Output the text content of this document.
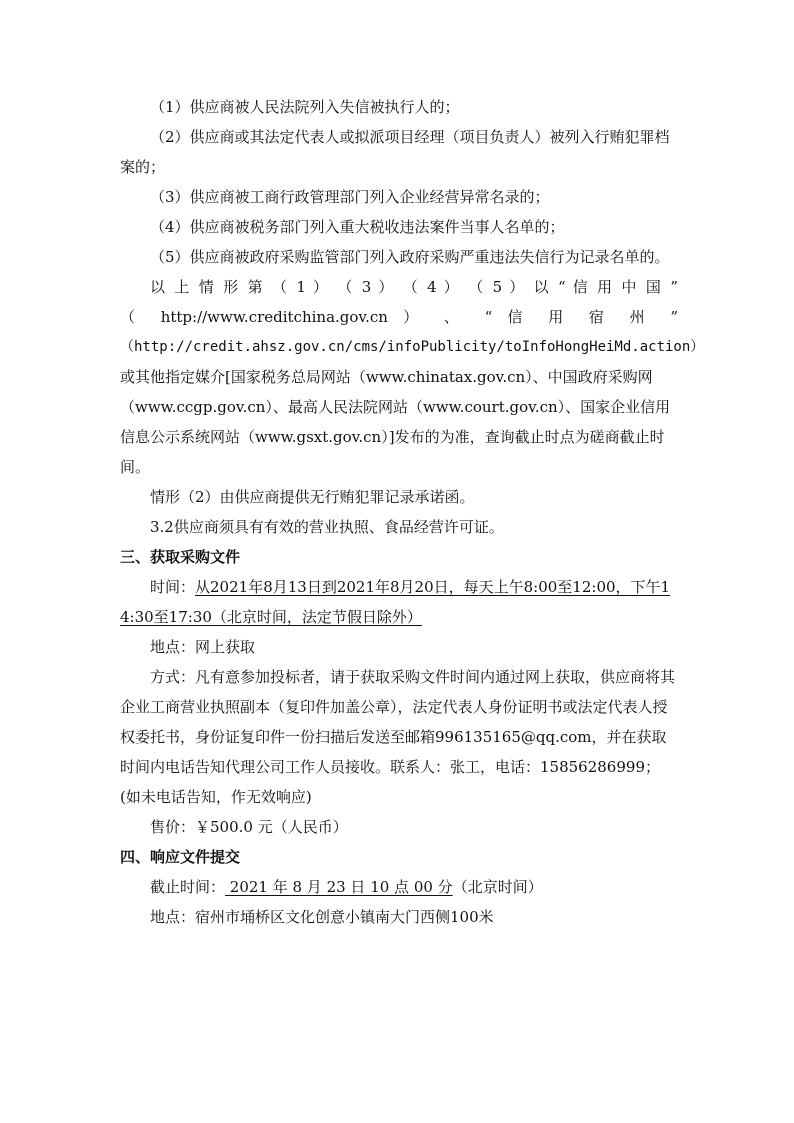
（1）供应商被人民法院列入失信被执行人的；

（2）供应商或其法定代表人或拟派项目经理（项目负责人）被列入行贿犯罪档案的；

（3）供应商被工商行政管理部门列入企业经营异常名录的；

（4）供应商被税务部门列入重大税收违法案件当事人名单的；

（5）供应商被政府采购监管部门列入政府采购严重违法失信行为记录名单的。

以 上 情 形 第 （ 1 ） （ 3 ） （ 4 ） （ 5 ） 以 “ 信 用 中 国 ”

（ http://www.creditchina.gov.cn ） 、 “ 信 用 宿 州 ”

（http://credit.ahsz.gov.cn/cms/infoPublicity/toInfoHongHeiMd.action）

或其他指定媒介[国家税务总局网站（www.chinatax.gov.cn）、中国政府采购网（www.ccgp.gov.cn）、最高人民法院网站（www.court.gov.cn）、国家企业信用信息公示系统网站（www.gsxt.gov.cn）]发布的为准，查询截止时点为磋商截止时间。

情形（2）由供应商提供无行贿犯罪记录承诺函。

3.2供应商须具有有效的营业执照、食品经营许可证。

三、获取采购文件

时间：从2021年8月13日到2021年8月20日，每天上午8:00至12:00，下午14:30至17:30（北京时间，法定节假日除外）

地点：网上获取

方式：凡有意参加投标者，请于获取采购文件时间内通过网上获取，供应商将其企业工商营业执照副本（复印件加盖公章），法定代表人身份证明书或法定代表人授权委托书，身份证复印件一份扫描后发送至邮箱996135165@qq.com，并在获取时间内电话告知代理公司工作人员接收。联系人：张工，电话：15856286999；(如未电话告知，作无效响应)

售价：￥500.0 元（人民币）

四、响应文件提交

截止时间： 2021 年 8 月 23 日 10 点 00 分（北京时间）

地点：宿州市埇桥区文化创意小镇南大门西侧100米
